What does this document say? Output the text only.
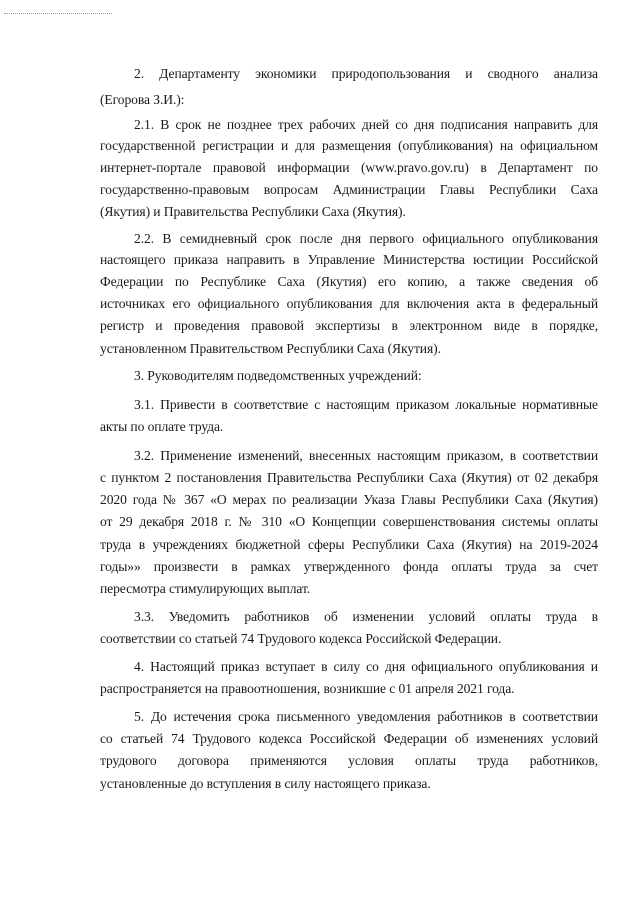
2. Департаменту экономики природопользования и сводного анализа
(Егорова З.И.):
2.1. В срок не позднее трех рабочих дней со дня подписания направить для
государственной регистрации и для размещения (опубликования) на официальном
интернет-портале правовой информации (www.pravo.gov.ru) в Департамент по
государственно-правовым вопросам Администрации Главы Республики Саха
(Якутия) и Правительства Республики Саха (Якутия).
2.2. В семидневный срок после дня первого официального опубликования
настоящего приказа направить в Управление Министерства юстиции Российской
Федерации по Республике Саха (Якутия) его копию, а также сведения об
источниках его официального опубликования для включения акта в федеральный
регистр и проведения правовой экспертизы в электронном виде в порядке,
установленном Правительством Республики Саха (Якутия).
3. Руководителям подведомственных учреждений:
3.1. Привести в соответствие с настоящим приказом локальные нормативные
акты по оплате труда.
3.2. Применение изменений, внесенных настоящим приказом, в соответствии
с пунктом 2 постановления Правительства Республики Саха (Якутия) от 02 декабря
2020 года № 367 «О мерах по реализации Указа Главы Республики Саха (Якутия)
от 29 декабря 2018 г. № 310 «О Концепции совершенствования системы оплаты
труда в учреждениях бюджетной сферы Республики Саха (Якутия) на 2019-2024
годы»» произвести в рамках утвержденного фонда оплаты труда за счет
пересмотра стимулирующих выплат.
3.3. Уведомить работников об изменении условий оплаты труда в
соответствии со статьей 74 Трудового кодекса Российской Федерации.
4. Настоящий приказ вступает в силу со дня официального опубликования и
распространяется на правоотношения, возникшие с 01 апреля 2021 года.
5. До истечения срока письменного уведомления работников в соответствии
со статьей 74 Трудового кодекса Российской Федерации об изменениях условий
трудового договора применяются условия оплаты труда работников,
установленные до вступления в силу настоящего приказа.
